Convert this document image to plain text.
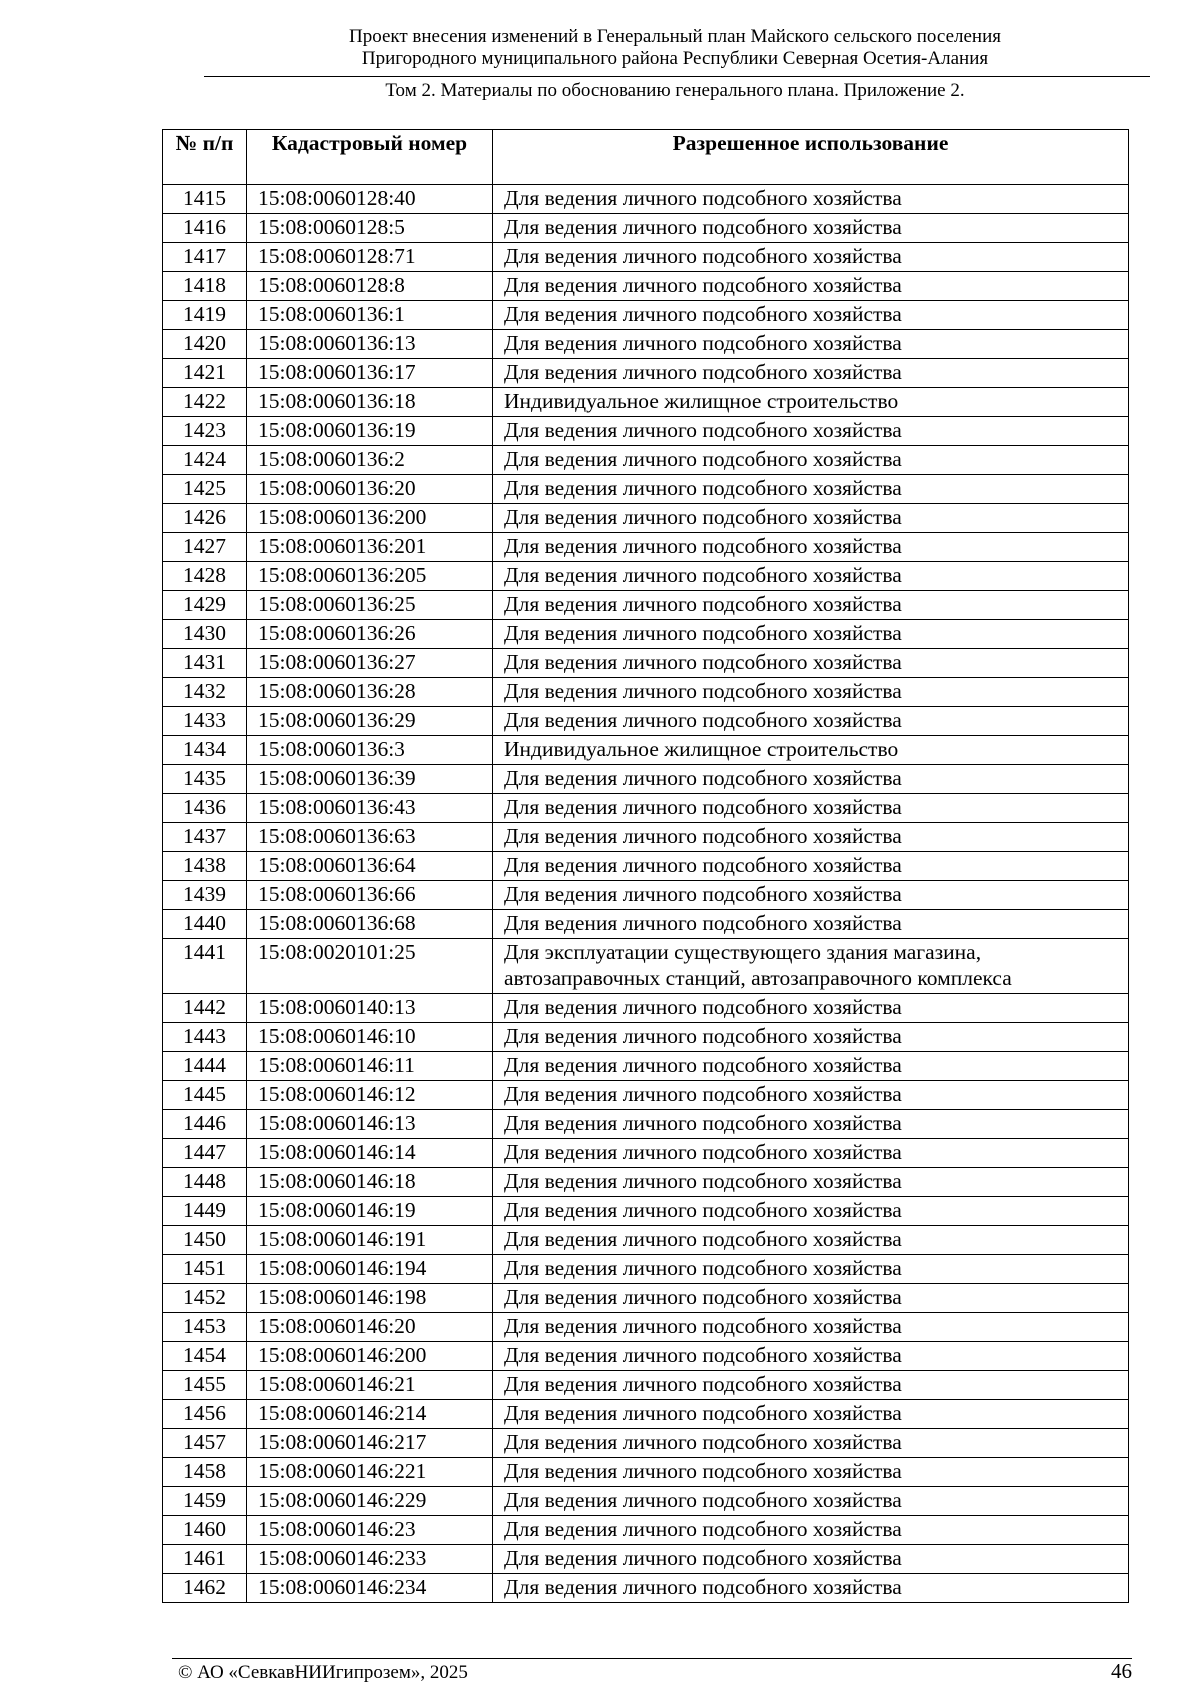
Проект внесения изменений в Генеральный план Майского сельского поселения
Пригородного муниципального района Республики Северная Осетия-Алания
Том 2. Материалы по обоснованию генерального плана. Приложение 2.
№ п/п	Кадастровый номер	Разрешенное использование
1415	15:08:0060128:40	Для ведения личного подсобного хозяйства
1416	15:08:0060128:5	Для ведения личного подсобного хозяйства
1417	15:08:0060128:71	Для ведения личного подсобного хозяйства
1418	15:08:0060128:8	Для ведения личного подсобного хозяйства
1419	15:08:0060136:1	Для ведения личного подсобного хозяйства
1420	15:08:0060136:13	Для ведения личного подсобного хозяйства
1421	15:08:0060136:17	Для ведения личного подсобного хозяйства
1422	15:08:0060136:18	Индивидуальное жилищное строительство
1423	15:08:0060136:19	Для ведения личного подсобного хозяйства
1424	15:08:0060136:2	Для ведения личного подсобного хозяйства
1425	15:08:0060136:20	Для ведения личного подсобного хозяйства
1426	15:08:0060136:200	Для ведения личного подсобного хозяйства
1427	15:08:0060136:201	Для ведения личного подсобного хозяйства
1428	15:08:0060136:205	Для ведения личного подсобного хозяйства
1429	15:08:0060136:25	Для ведения личного подсобного хозяйства
1430	15:08:0060136:26	Для ведения личного подсобного хозяйства
1431	15:08:0060136:27	Для ведения личного подсобного хозяйства
1432	15:08:0060136:28	Для ведения личного подсобного хозяйства
1433	15:08:0060136:29	Для ведения личного подсобного хозяйства
1434	15:08:0060136:3	Индивидуальное жилищное строительство
1435	15:08:0060136:39	Для ведения личного подсобного хозяйства
1436	15:08:0060136:43	Для ведения личного подсобного хозяйства
1437	15:08:0060136:63	Для ведения личного подсобного хозяйства
1438	15:08:0060136:64	Для ведения личного подсобного хозяйства
1439	15:08:0060136:66	Для ведения личного подсобного хозяйства
1440	15:08:0060136:68	Для ведения личного подсобного хозяйства
1441	15:08:0020101:25	Для эксплуатации существующего здания магазина, автозаправочных станций, автозаправочного комплекса
1442	15:08:0060140:13	Для ведения личного подсобного хозяйства
1443	15:08:0060146:10	Для ведения личного подсобного хозяйства
1444	15:08:0060146:11	Для ведения личного подсобного хозяйства
1445	15:08:0060146:12	Для ведения личного подсобного хозяйства
1446	15:08:0060146:13	Для ведения личного подсобного хозяйства
1447	15:08:0060146:14	Для ведения личного подсобного хозяйства
1448	15:08:0060146:18	Для ведения личного подсобного хозяйства
1449	15:08:0060146:19	Для ведения личного подсобного хозяйства
1450	15:08:0060146:191	Для ведения личного подсобного хозяйства
1451	15:08:0060146:194	Для ведения личного подсобного хозяйства
1452	15:08:0060146:198	Для ведения личного подсобного хозяйства
1453	15:08:0060146:20	Для ведения личного подсобного хозяйства
1454	15:08:0060146:200	Для ведения личного подсобного хозяйства
1455	15:08:0060146:21	Для ведения личного подсобного хозяйства
1456	15:08:0060146:214	Для ведения личного подсобного хозяйства
1457	15:08:0060146:217	Для ведения личного подсобного хозяйства
1458	15:08:0060146:221	Для ведения личного подсобного хозяйства
1459	15:08:0060146:229	Для ведения личного подсобного хозяйства
1460	15:08:0060146:23	Для ведения личного подсобного хозяйства
1461	15:08:0060146:233	Для ведения личного подсобного хозяйства
1462	15:08:0060146:234	Для ведения личного подсобного хозяйства
© АО «СевкавНИИгипрозем», 2025	46
